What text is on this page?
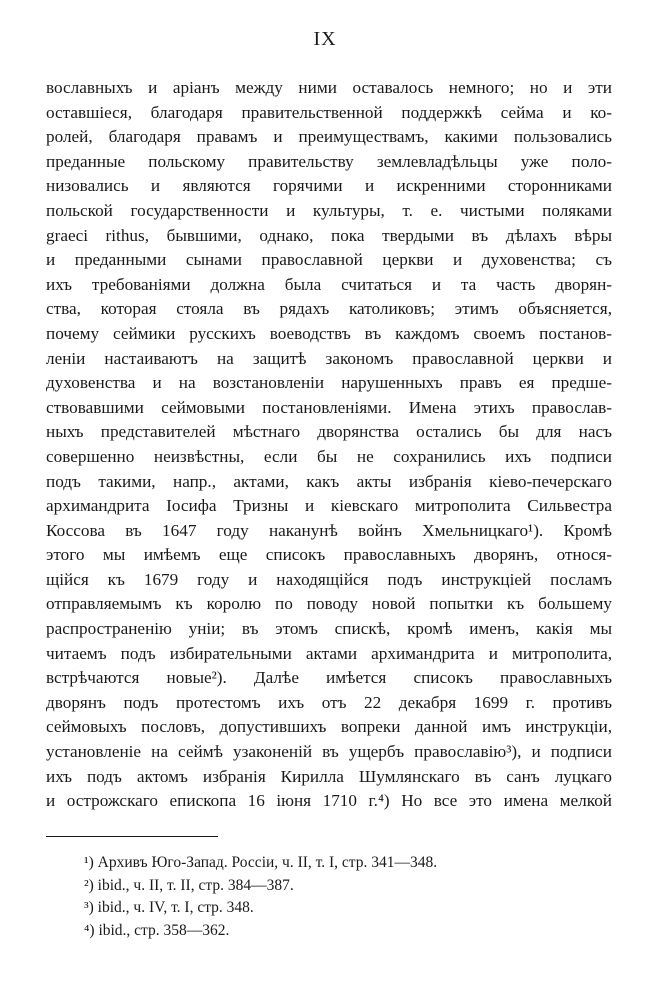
IX
вославныхъ и аріанъ между ними оставалось немного; но и эти
оставшіеся, благодаря правительственной поддержкѣ сейма и ко-
ролей, благодаря правамъ и преимуществамъ, какими пользовались
преданные польскому правительству землевладѣльцы уже поло-
низовались и являются горячими и искренними сторонниками
польской государственности и культуры, т. е. чистыми поляками
graeci rithus, бывшими, однако, пока твердыми въ дѣлахъ вѣры
и преданными сынами православной церкви и духовенства; съ
ихъ требованіями должна была считаться и та часть дворян-
ства, которая стояла въ рядахъ католиковъ; этимъ объясняется,
почему сеймики русскихъ воеводствъ въ каждомъ своемъ постанов-
леніи настаиваютъ на защитѣ закономъ православной церкви и
духовенства и на возстановленіи нарушенныхъ правъ ея предше-
ствовавшими сеймовыми постановленіями. Имена этихъ православ-
ныхъ представителей мѣстнаго дворянства остались бы для насъ
совершенно неизвѣстны, если бы не сохранились ихъ подписи
подъ такими, напр., актами, какъ акты избранія кіево-печерскаго
архимандрита Іосифа Тризны и кіевскаго митрополита Сильвестра
Коссова въ 1647 году наканунѣ войнъ Хмельницкаго¹). Кромѣ
этого мы имѣемъ еще списокъ православныхъ дворянъ, относя-
щійся къ 1679 году и находящійся подъ инструкціей посламъ
отправляемымъ къ королю по поводу новой попытки къ большему
распространенію уніи; въ этомъ спискѣ, кромѣ именъ, какія мы
читаемъ подъ избирательными актами архимандрита и митрополита,
встрѣчаются новые²). Далѣе имѣется списокъ православныхъ
дворянъ подъ протестомъ ихъ отъ 22 декабря 1699 г. противъ
сеймовыхъ пословъ, допустившихъ вопреки данной имъ инструкціи,
установленіе на сеймѣ узаконеній въ ущербъ православію³), и подписи
ихъ подъ актомъ избранія Кирилла Шумлянскаго въ санъ луцкаго
и острожскаго епископа 16 іюня 1710 г.⁴) Но все это имена мелкой
¹) Архивъ Юго-Запад. Россіи, ч. II, т. I, стр. 341—348.
²) ibid., ч. II, т. II, стр. 384—387.
³) ibid., ч. IV, т. I, стр. 348.
⁴) ibid., стр. 358—362.
